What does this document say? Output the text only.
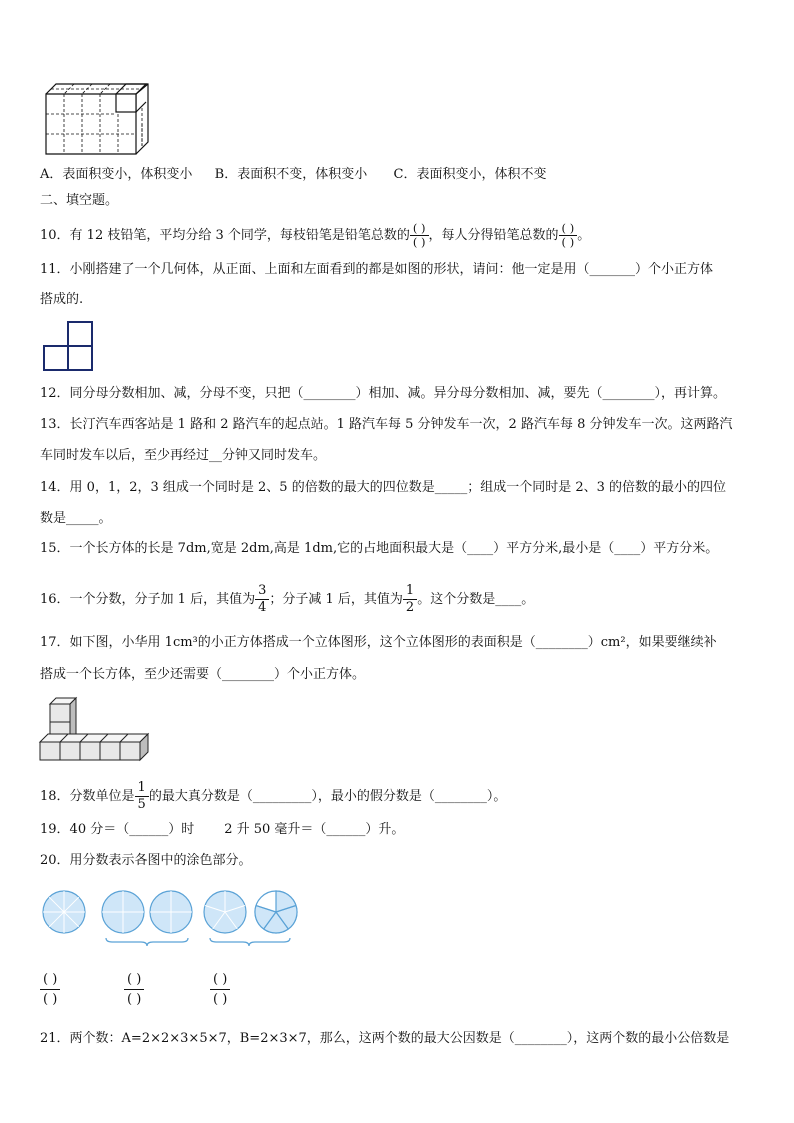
A．表面积变小，体积变小 B．表面积不变，体积变小 C．表面积变小，体积不变
二、填空题。
10．有 12 枝铅笔，平均分给 3 个同学，每枝铅笔是铅笔总数的 $\frac{( )}{( )}$ ，每人分得铅笔总数的 $\frac{( )}{( )}$ 。
11．小刚搭建了一个几何体，从正面、上面和左面看到的都是如图的形状，请问：他一定是用（_______）个小正方体
搭成的.
12．同分母分数相加、减，分母不变，只把（________）相加、减。异分母分数相加、减，要先（________），再计算。
13．长汀汽车西客站是 1 路和 2 路汽车的起点站。1 路汽车每 5 分钟发车一次，2 路汽车每 8 分钟发车一次。这两路汽
车同时发车以后，至少再经过__分钟又同时发车。
14．用 0，1，2，3 组成一个同时是 2、5 的倍数的最大的四位数是_____；组成一个同时是 2、3 的倍数的最小的四位
数是_____。
15．一个长方体的长是 7dm,宽是 2dm,高是 1dm,它的占地面积最大是（____）平方分米,最小是（____）平方分米。
16．一个分数，分子加 1 后，其值为 $\frac{3}{4}$ ；分子减 1 后，其值为 $\frac{1}{2}$ 。这个分数是____。
17．如下图，小华用 1cm³的小正方体搭成一个立体图形，这个立体图形的表面积是（________）cm²，如果要继续补
搭成一个长方体，至少还需要（________）个小正方体。
18．分数单位是 $\frac{1}{5}$ 的最大真分数是（_________），最小的假分数是（________）。
19．40 分＝（______）时 2 升 50 毫升＝（______）升。
20．用分数表示各图中的涂色部分。
$\frac{( )}{( )}$	$\frac{( )}{( )}$	$\frac{( )}{( )}$
21．两个数：A=2×2×3×5×7，B=2×3×7，那么，这两个数的最大公因数是（________），这两个数的最小公倍数是
